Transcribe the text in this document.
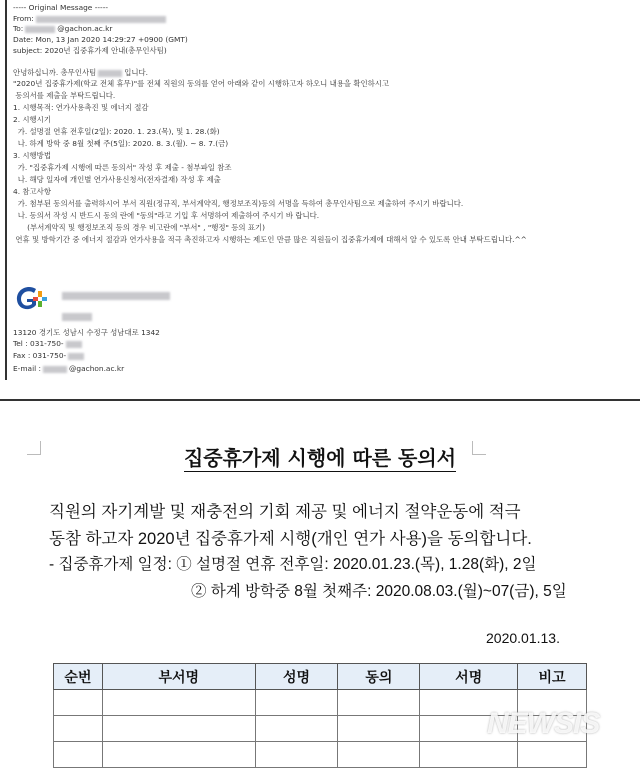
----- Original Message -----
From:
To:	@gachon.ac.kr
Date: Mon, 13 Jan 2020 14:29:27 +0900 (GMT)
subject: 2020년 집중휴가제 안내(총무인사팀)
안녕하십니까. 총무인사팀	입니다.
"2020년 집중휴가제(학교 전체 휴무)"를 전체 직원의 동의를 얻어 아래와 같이 시행하고자 하오니 내용을 확인하시고
동의서를 제출을 부탁드립니다.
1. 시행목적: 연가사용촉진 및 에너지 절감
2. 시행시기
가. 설명절 연휴 전후일(2일): 2020. 1. 23.(목), 및 1. 28.(화)
나. 하계 방학 중 8월 첫째 주(5일): 2020. 8. 3.(월). ~ 8. 7.(금)
3. 시행방법
가. "집중휴가제 시행에 따른 동의서" 작성 후 제출 - 첨부파일 참조
나. 해당 일자에 개인별 연가사용신청서(전자결재) 작성 후 제출
4. 참고사항
가. 첨부된 동의서를 출력하시어 부서 직원(정규직, 부서계약직, 행정보조직)등의 서명을 득하여 총무인사팀으로 제출하여 주시기 바랍니다.
나. 동의서 작성 시 반드시 동의 란에 "동의"라고 기입 후 서명하여 제출하여 주시기 바 랍니다.
(부서계약직 및 행정보조직 등의 경우 비고란에 "부서" , "행정" 등의 표기)
연휴 및 방학기간 중 에너지 절감과 연가사용을 적극 촉진하고자 시행하는 제도인 만큼 많은 직원들이 집중휴가제에 대해서 알 수 있도록 안내 부탁드립니다.^^

13120 경기도 성남시 수정구 성남대로 1342
Tel : 031-750-
Fax : 031-750-
E-mail :	@gachon.ac.kr
집중휴가제 시행에 따른 동의서
직원의 자기계발 및 재충전의 기회 제공 및 에너지 절약운동에 적극
동참 하고자 2020년 집중휴가제 시행(개인 연가 사용)을 동의합니다.
- 집중휴가제 일정: ① 설명절 연휴 전후일: 2020.01.23.(목), 1.28(화), 2일
② 하계 방학중 8월 첫째주: 2020.08.03.(월)~07(금), 5일
2020.01.13.
순번	부서명	성명	동의	서명	비고

NEWSIS
